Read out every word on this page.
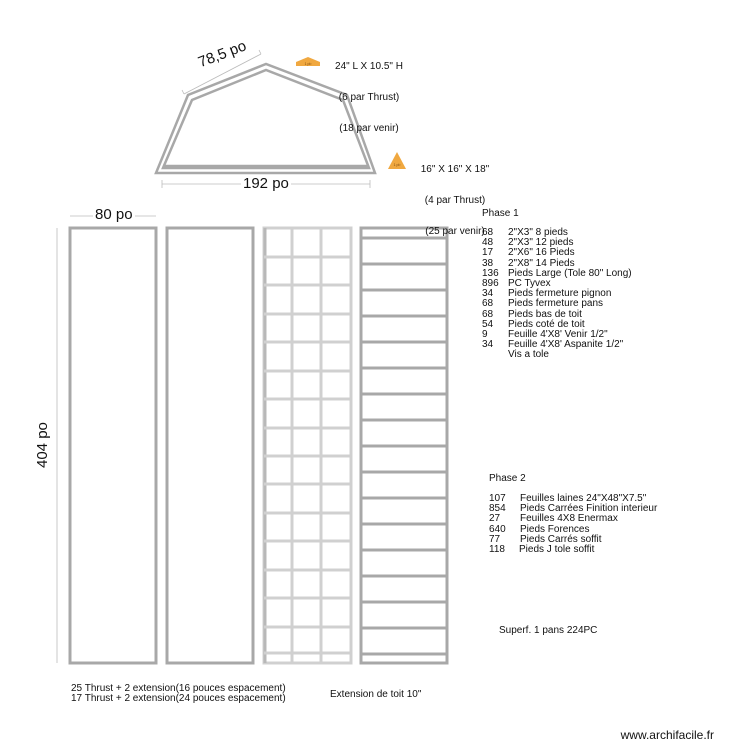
1 pl²
1 pl²
78,5 po
192 po
80 po
404 po

24" L X 10.5" H

(6 par Thrust)

(18 par venir)

16" X 16" X 18"

(4 par Thrust)

(25 par venir)

Phase 1
68	2"X3" 8 pieds
48	2"X3" 12 pieds
17	2"X6" 16 Pieds
38	2"X8" 14 Pieds
136 Pieds Large (Tole 80" Long)
896 PC Tyvex
34	Pieds fermeture pignon
68	Pieds fermeture pans
68	Pieds bas de toit
54	Pieds coté de toit
9	Feuille 4'X8' Venir 1/2"
34	Feuille 4'X8' Aspanite 1/2"
Vis a tole
Phase 2
107	Feuilles laines 24"X48"X7.5"
854	Pieds Carrées Finition interieur
27	Feuilles 4X8 Enermax
640	Pieds Forences
77	Pieds Carrés soffit
118	Pieds J tole soffit
Superf. 1 pans 224PC
25 Thrust + 2 extension(16 pouces espacement)
17 Thrust + 2 extension(24 pouces espacement)	Extension de toit 10"
www.archifacile.fr
